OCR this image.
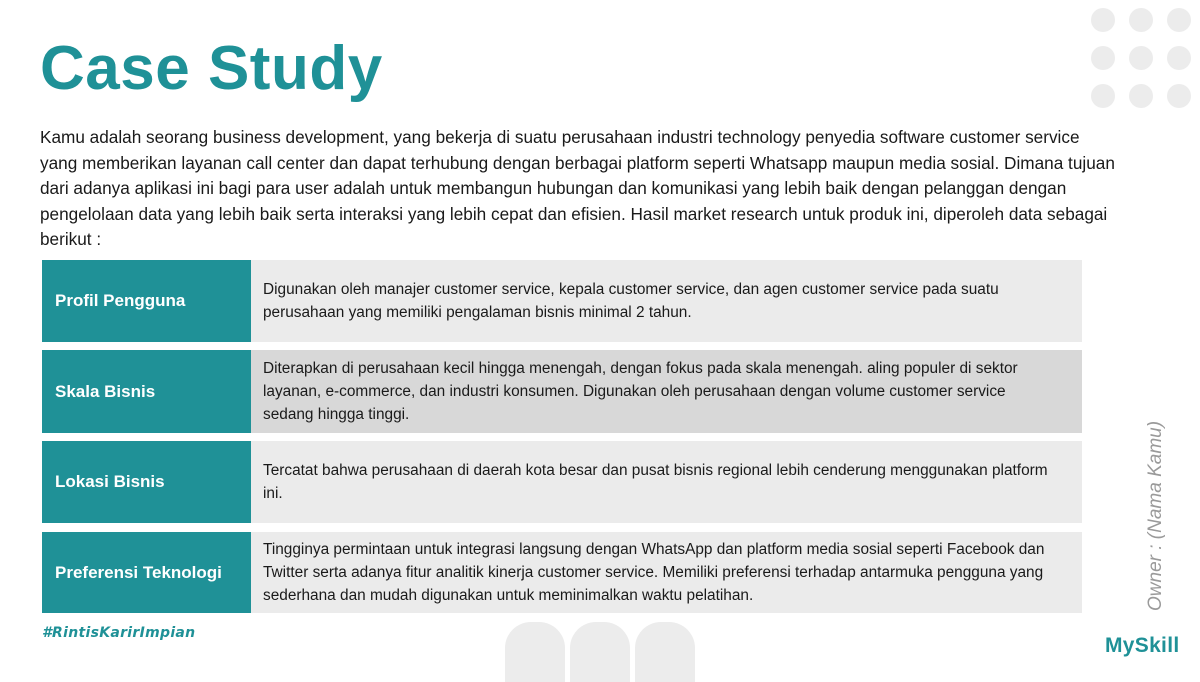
Case Study
Kamu adalah seorang business development, yang bekerja di suatu perusahaan industri technology penyedia software customer service yang memberikan layanan call center dan dapat terhubung dengan berbagai platform seperti Whatsapp maupun media sosial. Dimana tujuan dari adanya aplikasi ini bagi para user adalah untuk membangun hubungan dan komunikasi yang lebih baik dengan pelanggan dengan pengelolaan data yang lebih baik serta interaksi yang lebih cepat dan efisien. Hasil market research untuk produk ini, diperoleh data sebagai berikut :
Profil Pengguna
Digunakan oleh manajer customer service, kepala customer service, dan agen customer service pada suatu perusahaan yang memiliki pengalaman bisnis minimal 2 tahun.
Skala Bisnis
Diterapkan di perusahaan kecil hingga menengah, dengan fokus pada skala menengah. aling populer di sektor layanan, e-commerce, dan industri konsumen. Digunakan oleh perusahaan dengan volume customer service sedang hingga tinggi.
Lokasi Bisnis
Tercatat bahwa perusahaan di daerah kota besar dan pusat bisnis regional lebih cenderung menggunakan platform ini.
Preferensi Teknologi
Tingginya permintaan untuk integrasi langsung dengan WhatsApp dan platform media sosial seperti Facebook dan Twitter serta adanya fitur analitik kinerja customer service. Memiliki preferensi terhadap antarmuka pengguna yang sederhana dan mudah digunakan untuk meminimalkan waktu pelatihan.
#RintisKarirImpian
Owner : (Nama Kamu)
MySkill
